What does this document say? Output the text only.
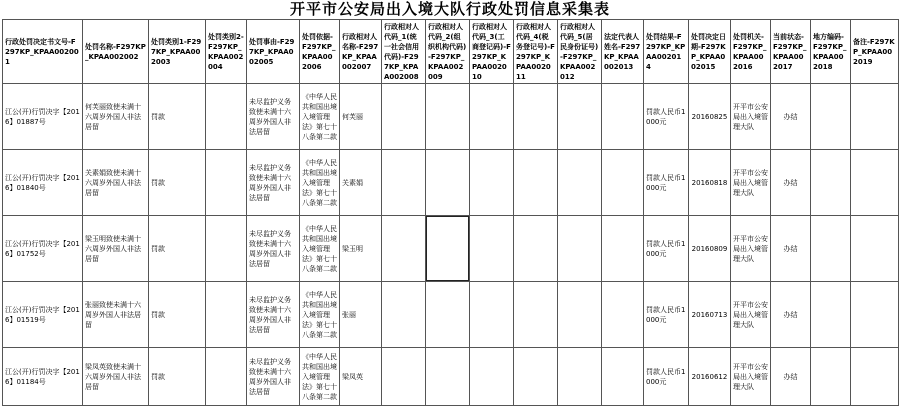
开平市公安局出入境大队行政处罚信息采集表
行政处罚决定书文号-F297KP_KPAA002001	处罚名称-F297KP_KPAA002002	处罚类别1-F297KP_KPAA002003	处罚类别2-F297KP_KPAA002004	处罚事由-F297KP_KPAA002005	处罚依据-F297KP_KPAA002006	行政相对人名称-F297KP_KPAA002007	行政相对人代码_1(统一社会信用代码)-F297KP_KPAA002008	行政相对人代码_2(组织机构代码)-F297KP_KPAA002009	行政相对人代码_3(工商登记码)-F297KP_KPAA002010	行政相对人代码_4(税务登记号)-F297KP_KPAA002011	行政相对人代码_5(居民身份证号)-F297KP_KPAA002012	法定代表人姓名-F297KP_KPAA002013	处罚结果-F297KP_KPAA002014	处罚决定日期-F297KP_KPAA002015	处罚机关-F297KP_KPAA002016	当前状态-F297KP_KPAA002017	地方编码-F297KP_KPAA002018	备注-F297KP_KPAA002019
江公(开)行罚决字【2016】01887号	何芙丽致使未满十六周岁外国人非法居留	罚款		未尽监护义务致使未满十六周岁外国人非法居留	《中华人民共和国出境入境管理法》第七十八条第二款	何芙丽							罚款人民币1000元	20160825	开平市公安局出入境管理大队	办结		
江公(开)行罚决字【2016】01840号	关素娟致使未满十六周岁外国人非法居留	罚款		未尽监护义务致使未满十六周岁外国人非法居留	《中华人民共和国出境入境管理法》第七十八条第二款	关素娟							罚款人民币1000元	20160818	开平市公安局出入境管理大队	办结		
江公(开)行罚决字【2016】01752号	梁玉明致使未满十六周岁外国人非法居留	罚款		未尽监护义务致使未满十六周岁外国人非法居留	《中华人民共和国出境入境管理法》第七十八条第二款	梁玉明							罚款人民币1000元	20160809	开平市公安局出入境管理大队	办结		
江公(开)行罚决字【2016】01519号	张丽致使未满十六周岁外国人非法居留	罚款		未尽监护义务致使未满十六周岁外国人非法居留	《中华人民共和国出境入境管理法》第七十八条第二款	张丽							罚款人民币1000元	20160713	开平市公安局出入境管理大队	办结		
江公(开)行罚决字【2016】01184号	梁凤英致使未满十六周岁外国人非法居留	罚款		未尽监护义务致使未满十六周岁外国人非法居留	《中华人民共和国出境入境管理法》第七十八条第二款	梁凤英							罚款人民币1000元	20160612	开平市公安局出入境管理大队	办结		
